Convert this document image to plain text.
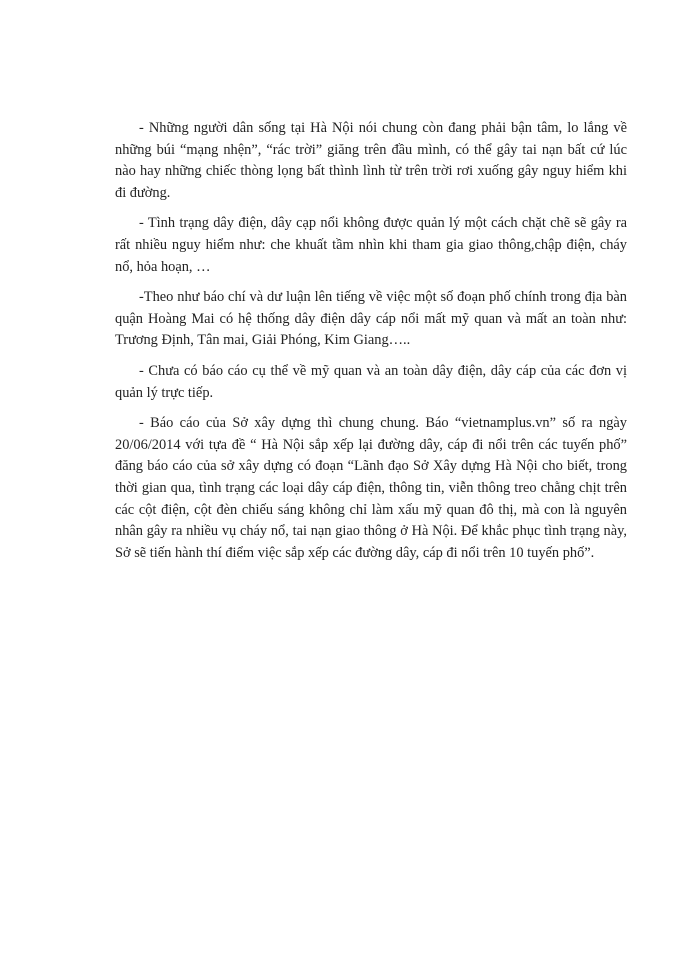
- Những người dân sống tại Hà Nội nói chung còn đang phải bận tâm, lo lắng về những búi “mạng nhện”, “rác trời” giăng trên đầu mình, có thể gây tai nạn bất cứ lúc nào hay những chiếc thòng lọng bất thình lình từ trên trời rơi xuống gây nguy hiểm khi đi đường.

- Tình trạng dây điện, dây cạp nổi không được quản lý một cách chặt chẽ sẽ gây ra rất nhiều nguy hiểm như: che khuất tầm nhìn khi tham gia giao thông,chập điện, cháy nổ, hỏa hoạn, …

-Theo như báo chí và dư luận lên tiếng về việc một số đoạn phố chính trong địa bàn quận Hoàng Mai có hệ thống dây điện dây cáp nổi mất mỹ quan và mất an toàn như: Trương Định, Tân mai, Giải Phóng, Kim Giang…..

- Chưa có báo cáo cụ thể về mỹ quan và an toàn dây điện, dây cáp của các đơn vị quản lý trực tiếp.

- Báo cáo của Sở xây dựng thì chung chung. Báo “vietnamplus.vn” số ra ngày 20/06/2014 với tựa đề “ Hà Nội sắp xếp lại đường dây, cáp đi nổi trên các tuyến phố” đăng báo cáo của sở xây dựng có đoạn “Lãnh đạo Sở Xây dựng Hà Nội cho biết, trong thời gian qua, tình trạng các loại dây cáp điện, thông tin, viễn thông treo chằng chịt trên các cột điện, cột đèn chiếu sáng không chỉ làm xấu mỹ quan đô thị, mà con là nguyên nhân gây ra nhiều vụ cháy nổ, tai nạn giao thông ở Hà Nội. Để khắc phục tình trạng này, Sở sẽ tiến hành thí điểm việc sắp xếp các đường dây, cáp đi nổi trên 10 tuyến phố”.
